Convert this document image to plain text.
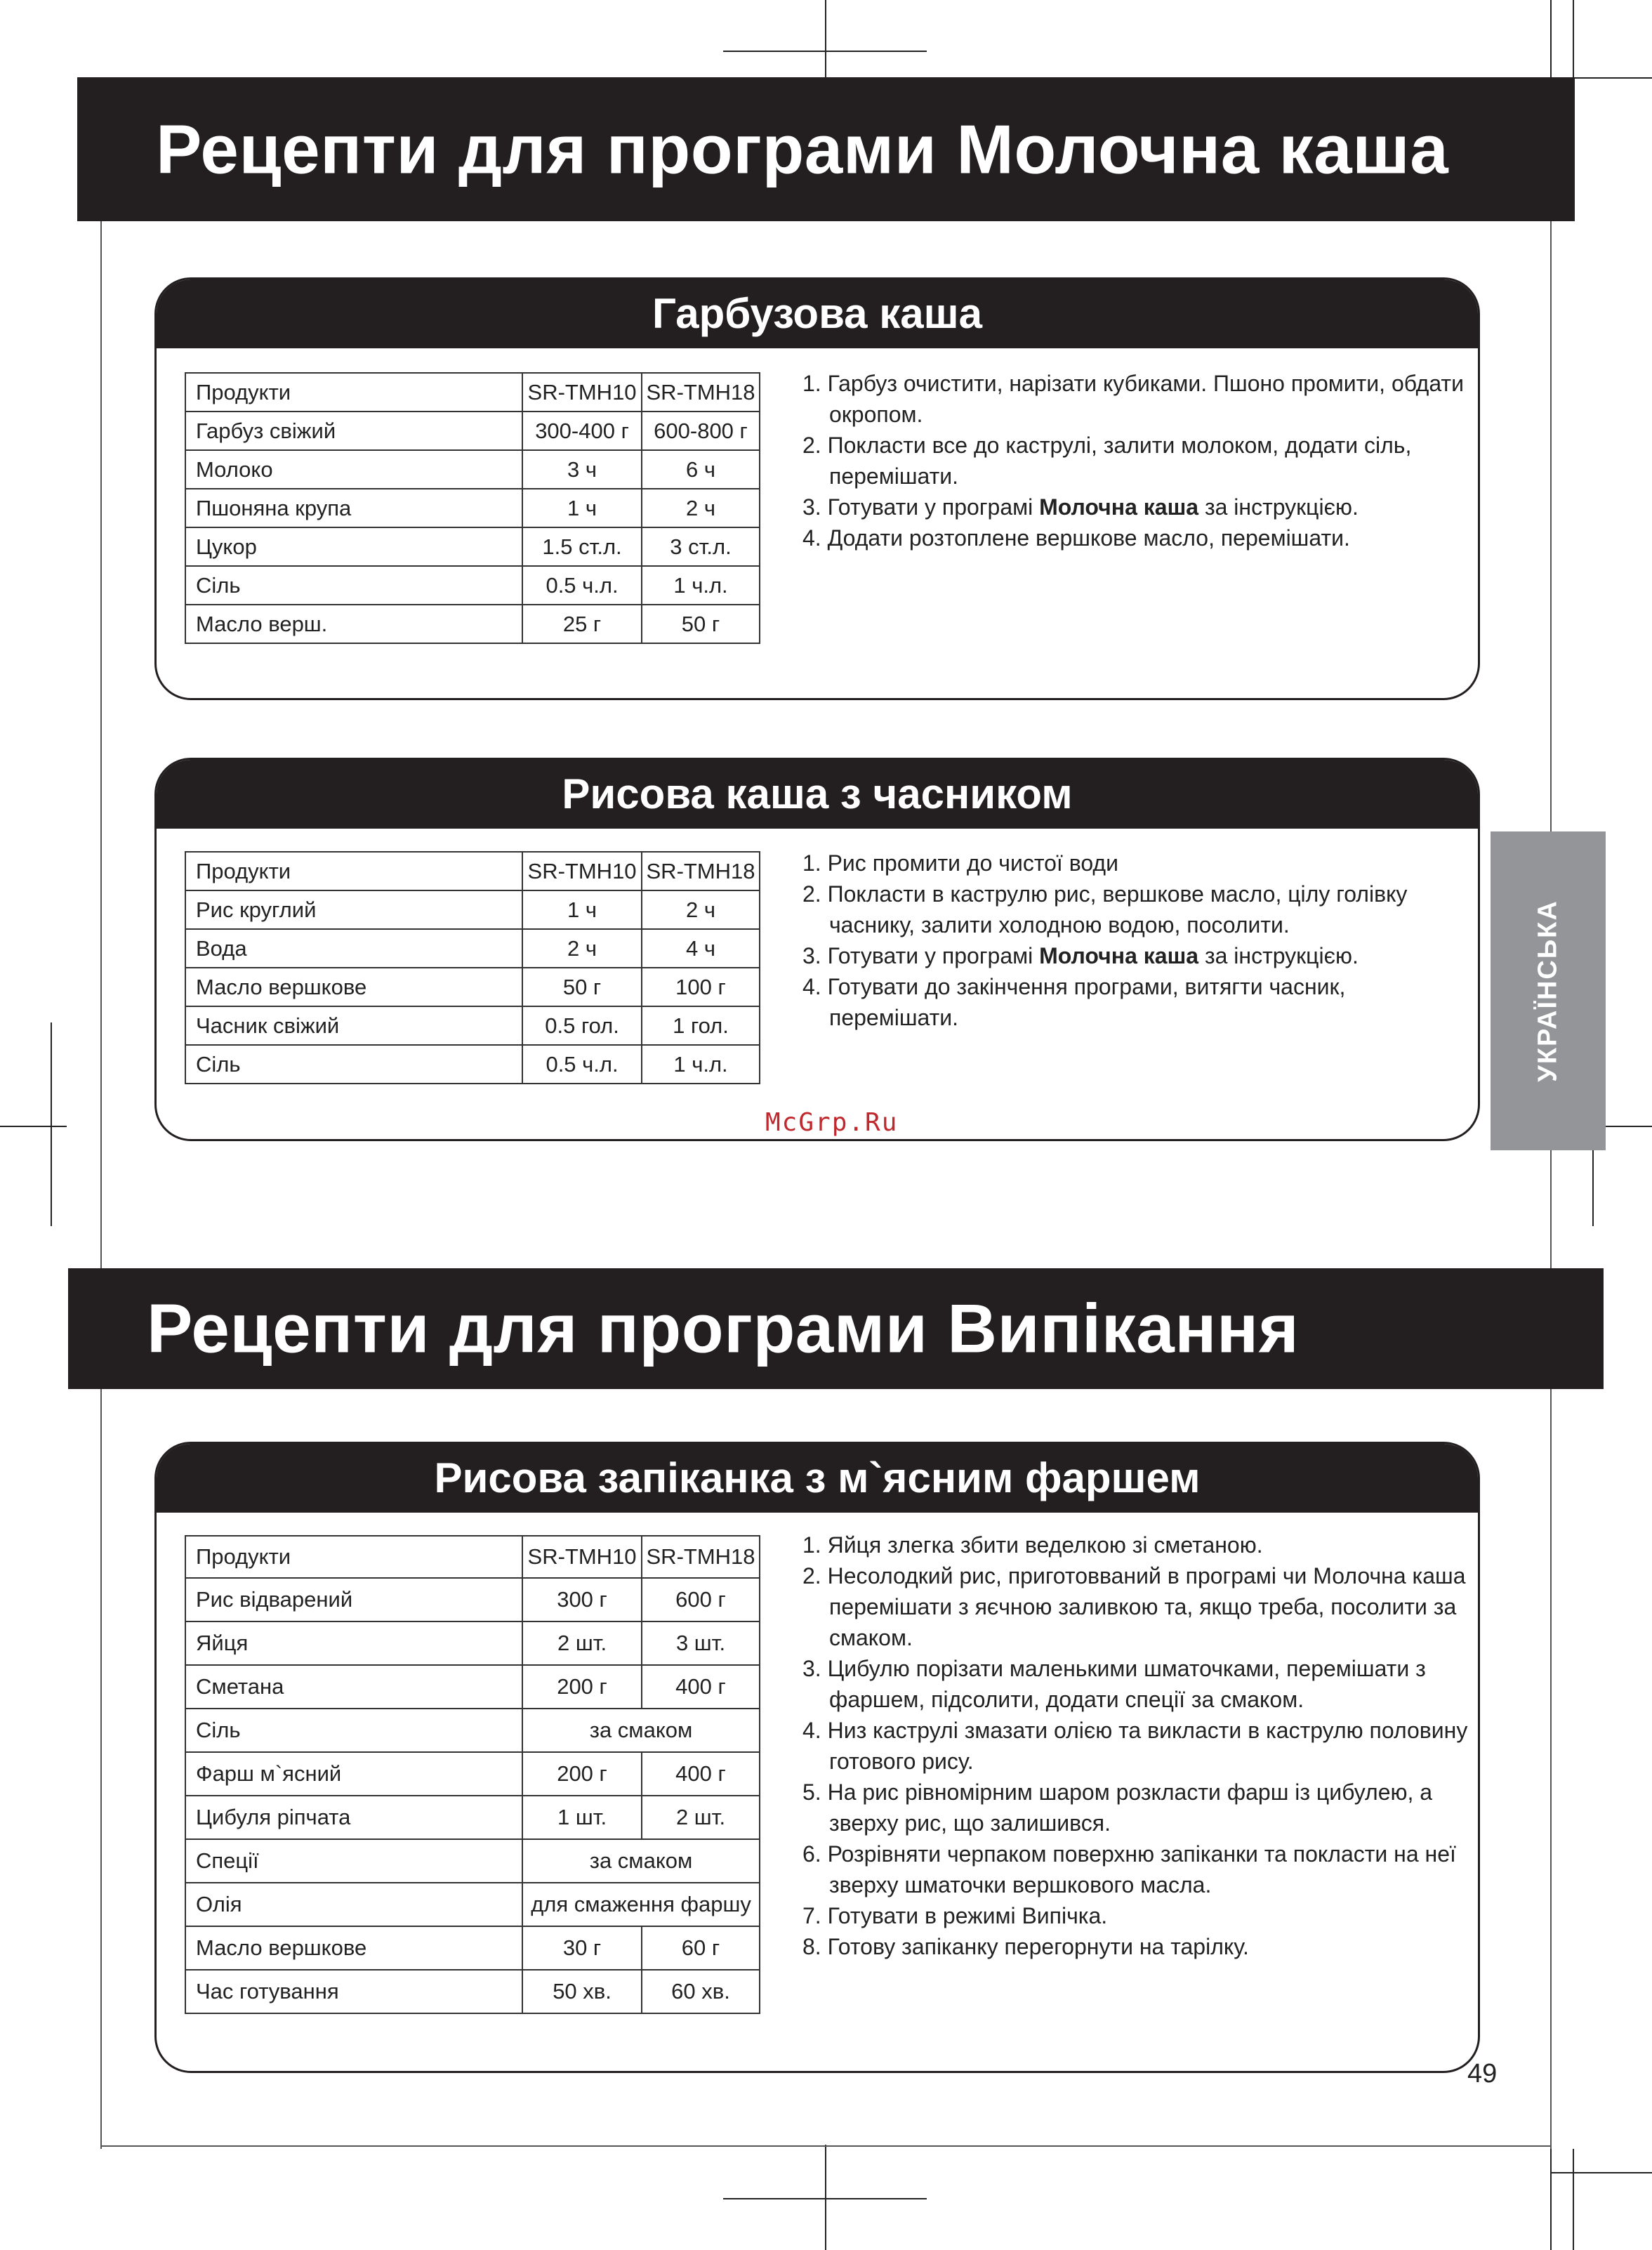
Рецепти для програми Молочна каша
Гарбузова каша
Продукти	SR-TMH10	SR-TMH18
Гарбуз свіжий	300-400 г	600-800 г
Молоко	3 ч	6 ч
Пшоняна крупа	1 ч	2 ч
Цукор	1.5 ст.л.	3 ст.л.
Сіль	0.5 ч.л.	1 ч.л.
Масло верш.	25 г	50 г
1. Гарбуз очистити, нарізати кубиками. Пшоно промити, обдати окропом.
2. Покласти все до каструлі, залити молоком, додати сіль, перемішати.
3. Готувати у програмі Молочна каша за інструкцією.
4. Додати розтоплене вершкове масло, перемішати.
Рисова каша з часником
Продукти	SR-TMH10	SR-TMH18
Рис круглий	1 ч	2 ч
Вода	2 ч	4 ч
Масло вершкове	50 г	100 г
Часник свіжий	0.5 гол.	1 гол.
Сіль	0.5 ч.л.	1 ч.л.
1. Рис промити до чистої води
2. Покласти в каструлю рис, вершкове масло, цілу голівку часнику, залити холодною водою, посолити.
3. Готувати у програмі Молочна каша за інструкцією.
4. Готувати до закінчення програми, витягти часник, перемішати.	УКРАЇНСЬКА
McGrp.Ru
Рецепти для програми Випікання
Рисова запіканка з м`ясним фаршем
Продукти	SR-TMH10	SR-TMH18
Рис відварений	300 г	600 г
Яйця	2 шт.	3 шт.
Сметана	200 г	400 г
Сіль	за смаком	
Фарш м`ясний	200 г	400 г
Цибуля ріпчата	1 шт.	2 шт.
Спеції	за смаком	
Олія	для смаження фаршу	
Масло вершкове	30 г	60 г
Час готування	50 хв.	60 хв.
1. Яйця злегка збити веделкою зі сметаною.
2. Несолодкий рис, приготовваний в програмі чи Молочна каша перемішати з яєчною заливкою та, якщо треба, посолити за смаком.
3. Цибулю порізати маленькими шматочками, перемішати з фаршем, підсолити, додати спеції за смаком.
4. Низ каструлі змазати олією та викласти в каструлю половину готового рису.
5. На рис рівномірним шаром розкласти фарш із цибулею, а зверху рис, що залишився.
6. Розрівняти черпаком поверхню запіканки та покласти на неї зверху шматочки вершкового масла.
7. Готувати в режимі Випічка.
8. Готову запіканку перегорнути на тарілку.
49
